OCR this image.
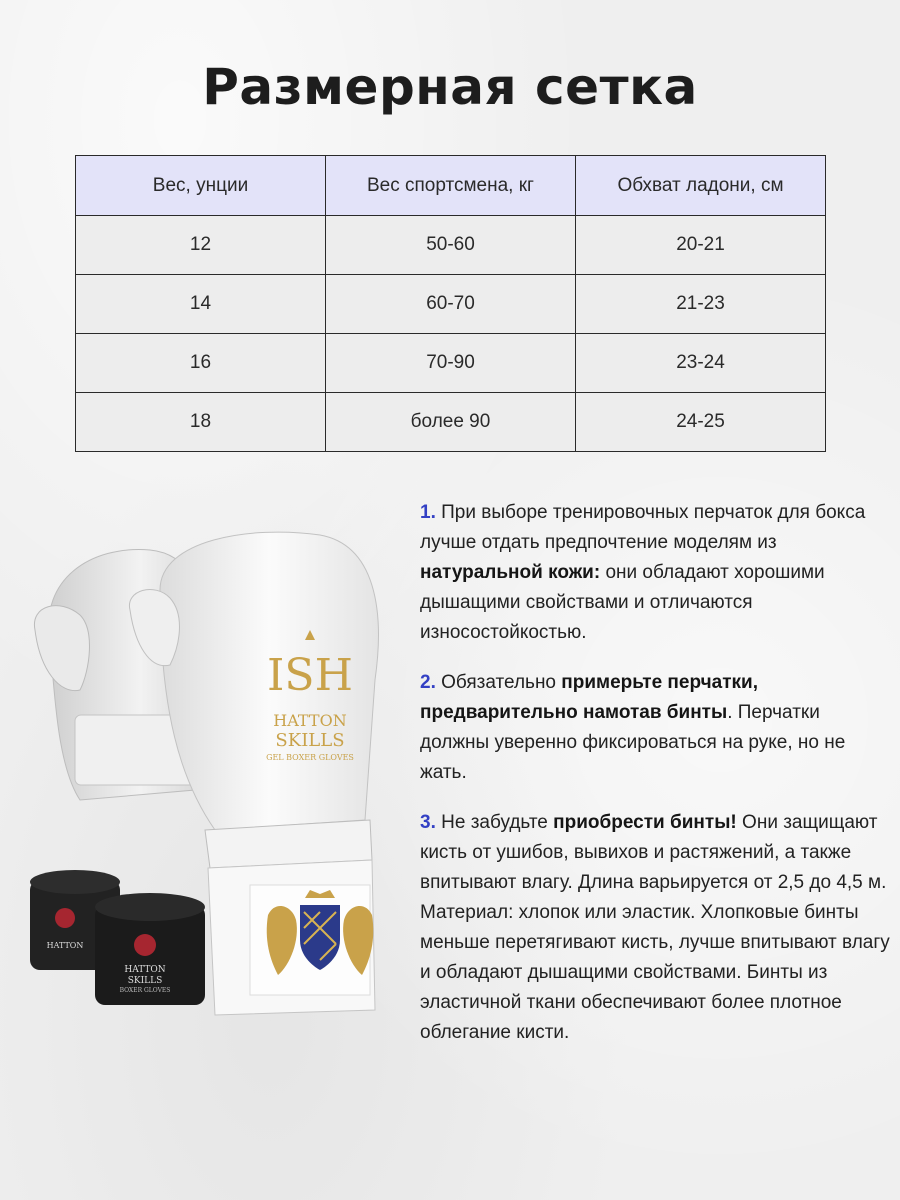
Размерная сетка
Вес, унции	Вес спортсмена, кг	Обхват ладони, см
12	50-60	20-21
14	60-70	21-23
16	70-90	23-24
18	более 90	24-25
ISH
HATTON
SKILLS
GEL BOXER GLOVES
HATTON
HATTON
SKILLS
BOXER GLOVES

1. При выборе тренировочных перчаток для бокса лучше отдать предпочтение моделям из натуральной кожи: они обладают хорошими дышащими свойствами и отличаются износостойкостью.

2. Обязательно примерьте перчатки, предварительно намотав бинты. Перчатки должны уверенно фиксироваться на руке, но не жать.

3. Не забудьте приобрести бинты! Они защищают кисть от ушибов, вывихов и растяжений, а также впитывают влагу. Длина варьируется от 2,5 до 4,5 м. Материал: хлопок или эластик. Хлопковые бинты меньше перетягивают кисть, лучше впитывают влагу и обладают дышащими свойствами. Бинты из эластичной ткани обеспечивают более плотное облегание кисти.
